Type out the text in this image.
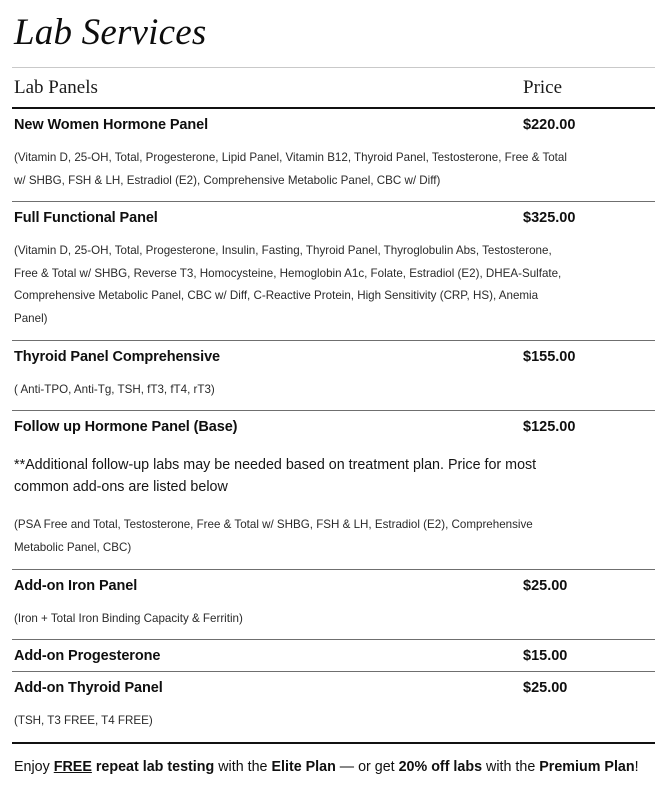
Lab Services
Lab Panels	Price
New Women Hormone Panel	$220.00
(Vitamin D, 25-OH, Total, Progesterone, Lipid Panel, Vitamin B12, Thyroid Panel, Testosterone, Free & Total w/ SHBG, FSH & LH, Estradiol (E2), Comprehensive Metabolic Panel, CBC w/ Diff)
Full Functional Panel	$325.00
(Vitamin D, 25-OH, Total, Progesterone, Insulin, Fasting, Thyroid Panel, Thyroglobulin Abs, Testosterone, Free & Total w/ SHBG, Reverse T3, Homocysteine, Hemoglobin A1c, Folate, Estradiol (E2), DHEA-Sulfate, Comprehensive Metabolic Panel, CBC w/ Diff, C-Reactive Protein, High Sensitivity (CRP, HS), Anemia Panel)
Thyroid Panel Comprehensive	$155.00
( Anti-TPO, Anti-Tg, TSH, fT3, fT4, rT3)
Follow up Hormone Panel (Base)	$125.00
**Additional follow-up labs may be needed based on treatment plan. Price for most common add-ons are listed below
(PSA Free and Total, Testosterone, Free & Total w/ SHBG, FSH & LH, Estradiol (E2), Comprehensive Metabolic Panel, CBC)
Add-on Iron Panel	$25.00
(Iron + Total Iron Binding Capacity & Ferritin)
Add-on Progesterone	$15.00
Add-on Thyroid Panel	$25.00
(TSH, T3 FREE, T4 FREE)
Enjoy FREE repeat lab testing with the Elite Plan — or get 20% off labs with the Premium Plan!
